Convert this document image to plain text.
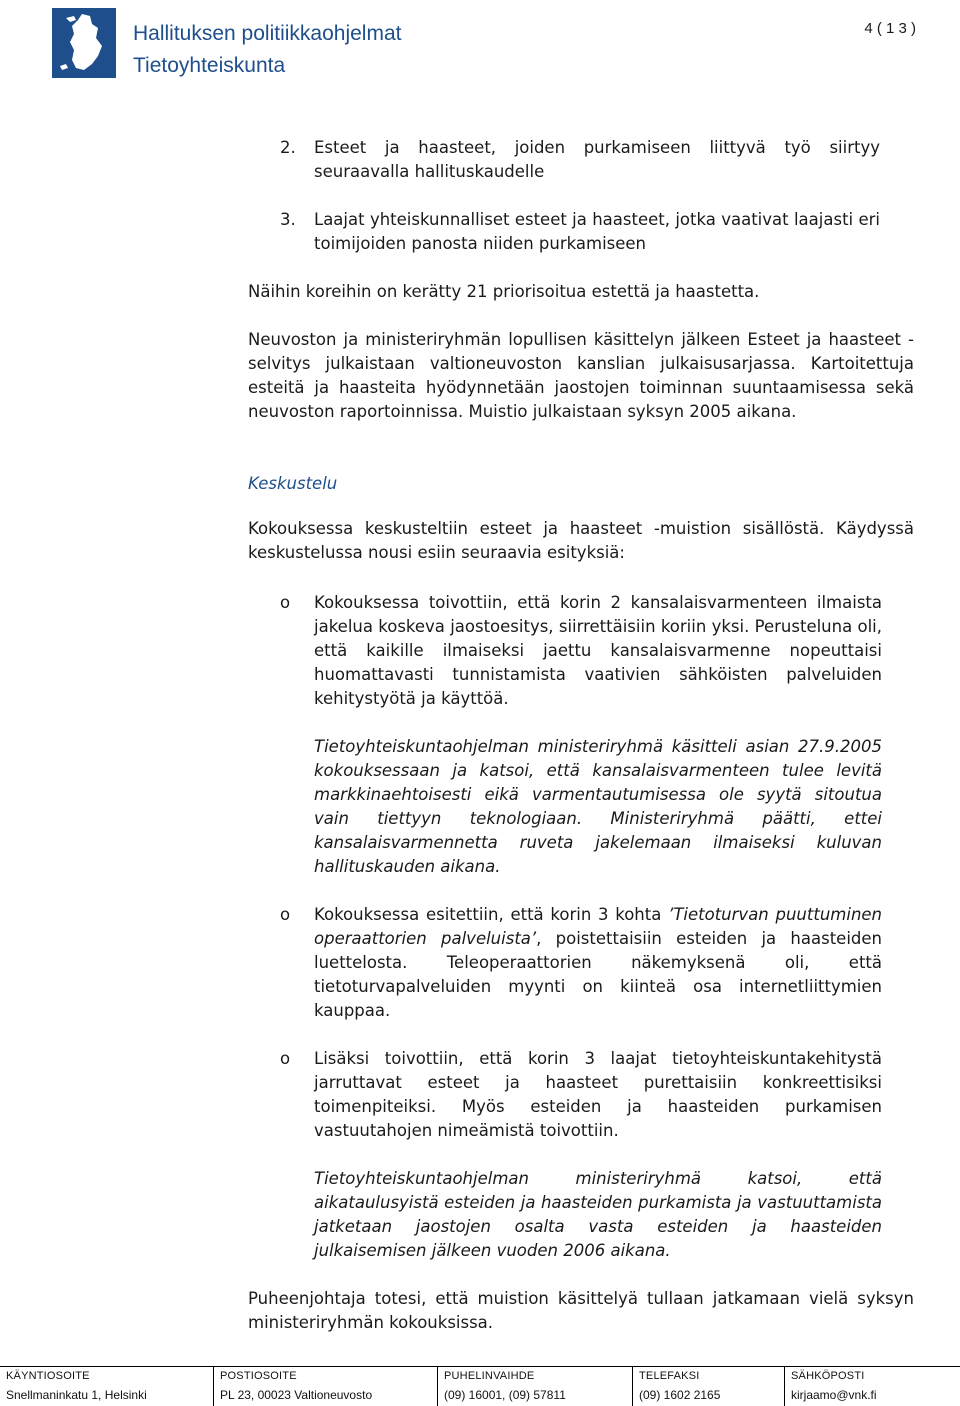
Hallituksen politiikkaohjelmat
Tietoyhteiskunta
4 ( 1 3 )
2. Esteet ja haasteet, joiden purkamiseen liittyvä työ siirtyy seuraavalla hallituskaudelle
3. Laajat yhteiskunnalliset esteet ja haasteet, jotka vaativat laajasti eri toimijoiden panosta niiden purkamiseen
Näihin koreihin on kerätty 21 priorisoitua estettä ja haastetta.
Neuvoston ja ministeriryhmän lopullisen käsittelyn jälkeen Esteet ja haasteet -selvitys julkaistaan valtioneuvoston kanslian julkaisusarjassa. Kartoitettuja esteitä ja haasteita hyödynnetään jaostojen toiminnan suuntaamisessa sekä neuvoston raportoinnissa. Muistio julkaistaan syksyn 2005 aikana.
Keskustelu
Kokouksessa keskusteltiin esteet ja haasteet -muistion sisällöstä. Käydyssä keskustelussa nousi esiin seuraavia esityksiä:
o Kokouksessa toivottiin, että korin 2 kansalaisvarmenteen ilmaista jakelua koskeva jaostoesitys, siirrettäisiin koriin yksi. Perusteluna oli, että kaikille ilmaiseksi jaettu kansalaisvarmenne nopeuttaisi huomattavasti tunnistamista vaativien sähköisten palveluiden kehitystyötä ja käyttöä.
Tietoyhteiskuntaohjelman ministeriryhmä käsitteli asian 27.9.2005 kokouksessaan ja katsoi, että kansalaisvarmenteen tulee levitä markkinaehtoisesti eikä varmentautumisessa ole syytä sitoutua vain tiettyyn teknologiaan. Ministeriryhmä päätti, ettei kansalaisvarmennetta ruveta jakelemaan ilmaiseksi kuluvan hallituskauden aikana.
o Kokouksessa esitettiin, että korin 3 kohta ’Tietoturvan puuttuminen operaattorien palveluista’, poistettaisiin esteiden ja haasteiden luettelosta. Teleoperaattorien näkemyksenä oli, että tietoturvapalveluiden myynti on kiinteä osa internetliittymien kauppaa.
o Lisäksi toivottiin, että korin 3 laajat tietoyhteiskuntakehitystä jarruttavat esteet ja haasteet purettaisiin konkreettisiksi toimenpiteiksi. Myös esteiden ja haasteiden purkamisen vastuutahojen nimeämistä toivottiin.
Tietoyhteiskuntaohjelman ministeriryhmä katsoi, että aikataulusyistä esteiden ja haasteiden purkamista ja vastuuttamista jatketaan jaostojen osalta vasta esteiden ja haasteiden julkaisemisen jälkeen vuoden 2006 aikana.
Puheenjohtaja totesi, että muistion käsittelyä tullaan jatkamaan vielä syksyn ministeriryhmän kokouksissa.
KÄYNTIOSOITE
Snellmaninkatu 1, Helsinki
POSTIOSOITE
PL 23, 00023 Valtioneuvosto
PUHELINVAIHDE
(09) 16001, (09) 57811
TELEFAKSI
(09) 1602 2165
SÄHKÖPOSTI
kirjaamo@vnk.fi
